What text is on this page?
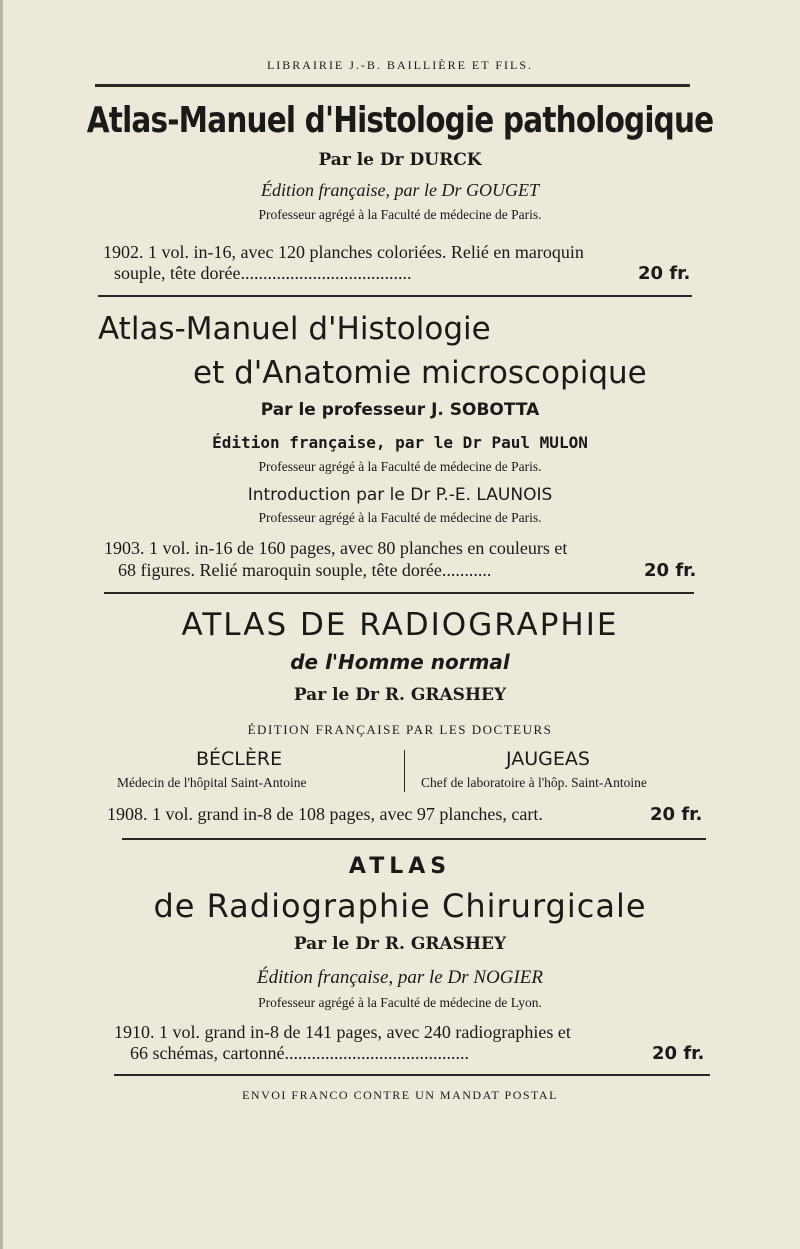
LIBRAIRIE J.-B. BAILLIÈRE ET FILS.
Atlas-Manuel d'Histologie pathologique
Par le Dr DURCK
Édition française, par le Dr GOUGET
Professeur agrégé à la Faculté de médecine de Paris.
1902. 1 vol. in-16, avec 120 planches coloriées. Relié en maroquin
souple, tête dorée......................................	20 fr.
Atlas-Manuel d'Histologie
et d'Anatomie microscopique
Par le professeur J. SOBOTTA
Édition française, par le Dr Paul MULON
Professeur agrégé à la Faculté de médecine de Paris.
Introduction par le Dr P.-E. LAUNOIS
Professeur agrégé à la Faculté de médecine de Paris.
1903. 1 vol. in-16 de 160 pages, avec 80 planches en couleurs et
68 figures. Relié maroquin souple, tête dorée...........	20 fr.
ATLAS DE RADIOGRAPHIE
de l'Homme normal
Par le Dr R. GRASHEY
ÉDITION FRANÇAISE PAR LES DOCTEURS
BÉCLÈRE
Médecin de l'hôpital Saint-Antoine
JAUGEAS
Chef de laboratoire à l'hôp. Saint-Antoine
1908. 1 vol. grand in-8 de 108 pages, avec 97 planches, cart.	20 fr.
ATLAS
de Radiographie Chirurgicale
Par le Dr R. GRASHEY
Édition française, par le Dr NOGIER
Professeur agrégé à la Faculté de médecine de Lyon.
1910. 1 vol. grand in-8 de 141 pages, avec 240 radiographies et
66 schémas, cartonné.........................................	20 fr.
ENVOI FRANCO CONTRE UN MANDAT POSTAL
